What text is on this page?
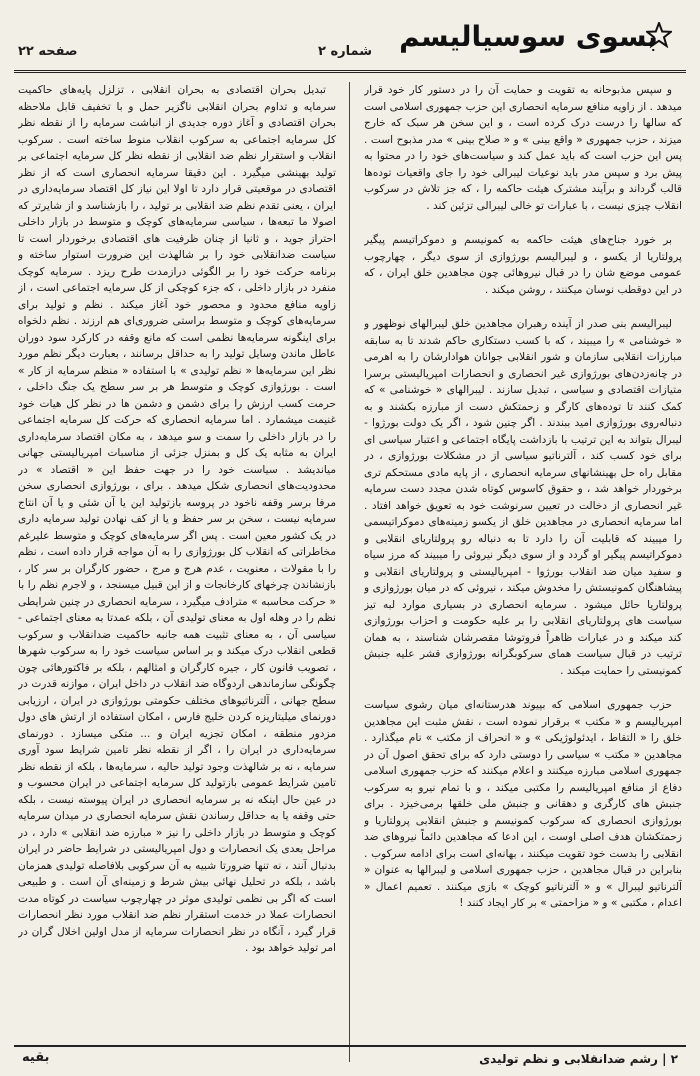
بسوی سوسیالیسم
شماره ۲
صفحه ۲۲

و سپس مذبوحانه به تقویت و حمایت آن را در دستور کار خود قرار میدهد . از زاویه منافع سرمایه انحصاری این حزب جمهوری اسلامی است که سالها را درست درک کرده است ، و این سخن هر سبک که خارج میزند ، حزب جمهوری « واقع بینی » و « صلاح بینی » مدر مذبوح است . پس این حزب است که باید عمل کند و سیاست‌های خود را در محتوا به پیش برد و سپس مدر باید نوعیات لیبرالی خود را جای واقعیات توده‌ها قالب گرداند و برآیند مشترک هیئت حاکمه را ، که جز تلاش در سرکوب انقلاب چیزی نیست ، با عبارات تو خالی لیبرالی تزئین کند .

بر خورد جناح‌های هیئت حاکمه به کمونیسم و دموکراتیسم پیگیر پرولتاریا از یکسو ، و لیبرالیسم بورژوازی از سوی دیگر ، چهارچوب عمومی موضع شان را در قبال نیروهائی چون مجاهدین خلق ایران ، که در این دوقطب نوسان میکنند ، روشن میکند .

لیبرالیسم بنی صدر از آینده رهبران مجاهدین خلق لیبرالهای نوظهور و « خوشنامی » را میبیند ، که با کسب دستکاری حاکم شدند تا به سابقه مبارزات انقلابی سازمان و شور انقلابی جوانان هوادارشان را به اهرمی در چانه‌زدن‌های بورژوازی غیر انحصاری و انحصارات امپریالیستی برسرا متیازات اقتصادی و سیاسی ، تبدیل سازند . لیبرالهای « خوشنامی » که کمک کنند تا توده‌های کارگر و زحمتکش دست از مبارزه بکشند و به دنباله‌روی بورژوازی امید ببندند . اگر چنین شود ، اگر یک دولت بورژوا - لیبرال بتواند به این ترتیب با بازداشت پایگاه اجتماعی و اعتبار سیاسی ای برای خود کسب کند ، آلترناتیو سیاسی از در مشکلات بورژوازی ، در مقابل راه حل بهینشانهای سرمایه انحصاری ، از پایه مادی مستحکم تری برخوردار خواهد شد ، و حقوق کاسوس کوتاه شدن مجدد دست سرمایه غیر انحصاری از دخالت در تعیین سرنوشت خود به تعویق خواهد افتاد . اما سرمایه انحصاری در مجاهدین خلق از یکسو زمینه‌های دموکراتیسمی را میبیند که قابلیت آن را دارد تا به دنباله رو پرولتاریای انقلابی و دموکراتیسم پیگیر او گردد و از سوی دیگر نیروئی را میبیند که مرز سیاه و سفید میان ضد انقلاب بورژوا - امپریالیستی و پرولتاریای انقلابی و پیشاهنگان کمونیستش را مخدوش میکند ، نیروئی که در میان بورژوازی و پرولتاریا حائل میشود . سرمایه انحصاری در بسیاری موارد لبه تیز سیاست های پرولتاریای انقلابی را بر علیه حکومت و احزاب بورژوازی کند میکند و در عبارات ظاهراً فروتوشا مقصرشان شناسند ، به همان ترتیب در قبال سیاست همای سرکوبگرانه بورژوازی قشر علیه جنبش کمونیستی را حمایت میکند .

حزب جمهوری اسلامی که بپیوند هدرستانه‌ای میان رشوی سیاست امپریالیسم و « مکتب » برقرار نموده است ، نقش مثبت این مجاهدین خلق را « التقاط ، ایدئولوژیکی » و « انحراف از مکتب » نام میگذارد . مجاهدین « مکتب » سیاسی را دوستی دارد که برای تحقق اصول آن در جمهوری اسلامی مبارزه میکنند و اعلام میکنند که حزب جمهوری اسلامی دفاع از منافع امپریالیسم را مکتبی میکند ، و با تمام نیرو به سرکوب جنبش های کارگری و دهقانی و جنبش ملی خلقها برمی‌خیزد . برای بورژوازی انحصاری که سرکوب کمونیسم و جنبش انقلابی پرولتاریا و زحمتکشان هدف اصلی اوست ، این ادعا که مجاهدین دائماً نیروهای ضد انقلابی را بدست خود تقویت میکنند ، بهانه‌ای است برای ادامه سرکوب . بنابراین در قبال مجاهدین ، حزب جمهوری اسلامی و لیبرالها به عنوان « آلترناتیو لیبرال » و « آلترناتیو کوچک » بازی میکنند . تعمیم اعمال « اعدام ، مکتبی » و « مزاحمتی » بر کار ایجاد کنند !

تبدیل بحران اقتصادی به بحران انقلابی ، تزلزل پایه‌های حاکمیت سرمایه و تداوم بحران انقلابی ناگزیر حمل و با تخفیف قابل ملاحظه بحران اقتصادی و آغاز دوره جدیدی از انباشت سرمایه را از نقطه نظر کل سرمایه اجتماعی به سرکوب انقلاب منوط ساخته است . سرکوب انقلاب و استقرار نظم ضد انقلابی از نقطه نظر کل سرمایه اجتماعی بر تولید بهینشی میگیرد . این دقیقا سرمایه انحصاری است که از نظر اقتصادی در موقعیتی قرار دارد تا اولا این نیاز کل اقتصاد سرمایه‌داری در ایران ، یعنی تقدم نظم ضد انقلابی بر تولید ، را بازشناسد و از شایرتر که اصولا ما تبعه‌ها ، سیاسی سرمایه‌های کوچک و متوسط در بازار داخلی احتراز جوید ، و ثانیا از چنان ظرفیت های اقتصادی برخوردار است تا سیاست ضدانقلابی خود را بر شالهذت این ضرورت استوار ساخته و برنامه حرکت خود را بر الگوئی درازمدت طرح ریزد . سرمایه کوچک منفرد در بازار داخلی ، که جزء کوچکی از کل سرمایه اجتماعی است ، از زاویه منافع محدود و محصور خود آغاز میکند . نظم و تولید برای سرمایه‌های کوچک و متوسط براستی ضروری‌ای هم ارزند . نظم دلخواه برای اینگونه سرمایه‌ها نظمی است که مانع وقفه در کارکرد سود دوران عاطل ماندن وسایل تولید را به حداقل برسانند ، بعبارت دیگر نظم مورد نظر این سرمایه‌ها « نظم تولیدی » با استفاده « منظم سرمایه از کار » است . بورژوازی کوچک و متوسط هر بر سر سطح یک جنگ داخلی ، حرمت کسب ارزش را برای دشمن و دشمن ها در نظر کل هیات خود غنیمت میشمارد . اما سرمایه انحصاری که حرکت کل سرمایه اجتماعی را در بازار داخلی را سمت و سو میدهد ، به مکان اقتصاد سرمایه‌داری ایران به مثابه یک کل و بمنزل جزئی از مناسبات امپریالیستی جهانی میاندیشد . سیاست خود را در جهت حفظ این « اقتصاد » در محدودیت‌های انحصاری شکل میدهد . برای ، بورژوازی انحصاری سخن مرفا برسر وقفه ناخود در پروسه بازتولید این یا آن شئی و یا آن انتاج سرمایه نیست ، سخن بر سر حفظ و یا از کف نهادن تولید سرمایه داری در یک کشور معین است . پس اگر سرمایه‌های کوچک و متوسط علیرغم مخاطراتی که انقلاب کل بورژوازی را به آن مواجه قرار داده است ، نظم را با مقولات ، معنویت ، عدم هرج و مرج ، حضور کارگران بر سر کار ، بازنشاندن چرخهای کارخانجات و از این قبیل میسنجد ، و لاجرم نظم را با « حرکت محاسبه » مترادف میگیرد ، سرمایه انحصاری در چنین شرایطی نظم را در وهله اول به معنای تولیدی آن ، بلکه عمدتا به معنای اجتماعی - سیاسی آن ، به معنای تثبیت همه جانبه حاکمیت ضدانقلاب و سرکوب قطعی انقلاب درک میکند و بر اساس سیاست خود را به سرکوب شهرها ، تصویب قانون کار ، جیره کارگران و امثالهم ، بلکه بر فاکتورهائی چون چگونگی سازماندهی اردوگاه ضد انقلاب در داخل ایران ، موازنه قدرت در سطح جهانی ، آلترناتیوهای مختلف حکومتی بورژوازی در ایران ، ارزیابی دورنمای میلیتاریزه کردن خلیج فارس ، امکان استفاده از ارتش های دول مزدور منطقه ، امکان تجزیه ایران و ... متکی میسازد . دورنمای سرمایه‌داری در ایران را ، اگر از نقطه نظر تامین شرایط سود آوری سرمایه ، نه بر شالهذت وجود تولید حالیه ، سرمایه‌ها ، بلکه از نقطه نظر تامین شرایط عمومی بازتولید کل سرمایه اجتماعی در ایران محسوب و در عین حال اینکه نه بر سرمایه انحصاری در ایران پیوسته نیست ، بلکه حتی وقفه یا به حداقل رساندن نقش سرمایه انحصاری در میدان سرمایه کوچک و متوسط در بازار داخلی را نیز « مبارزه ضد انقلابی » دارد ، در مراحل بعدی یک انحصارات و دول امپریالیستی در شرایط حاضر در ایران بدنبال آنند ، نه تنها ضرورتا شبیه به آن سرکوبی بلافاصله تولیدی همزمان باشد ، بلکه در تحلیل نهائی بیش شرط و زمینه‌ای آن است . و طبیعی است که اگر بی نظمی تولیدی موثر در چهارچوب سیاست در کوتاه مدت انحصارات عملا در خدمت استقرار نظم ضد انقلاب مورد نظر انحصارات قرار گیرد ، آنگاه در نظر انحصارات سرمایه از مدل اولین اخلال گران در امر تولید خواهد بود .

۲ | رشم ضدانقلابی و نظم تولیدی
بقیه
